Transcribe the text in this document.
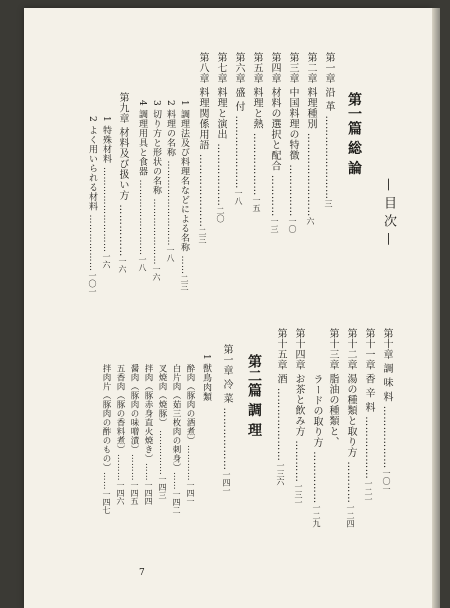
— 目 次 —
第一篇 総 論
第一章 沿 革 ……………………三
第二章 料理種別 ……………………六
第三章 中国料理の特徴 ……………一〇
第四章 材料の選択と配合 …………一三
第五章 料理と熱 ………………一五
第六章 盛 付 …………………一八
第七章 料理と演出 ………………二〇
第八章 料理関係用語 …………………二三
1 調理法及び料理名などによる名称 ……二三
2 料理の名称 ………………………一八
3 切り方と形状の名称 …………………一六
4 調理用具と食器 ……………………一八
第九章 材料及び扱い方 ……………一六
1 特殊材料 ………………………一六
2 よく用いられる材料 ………………一〇一
第十章 調 味 料 ………………一〇一
第十一章 香 辛 料 ………………一二一
第十二章 湯の種類と取り方 …………一二四
第十三章 脂油の種類と、
ラードの取り方 ……………一二九
第十四章 お茶と飲み方 …………一三一
第十五章 酒 …………………一三六
第二篇 調 理
第一章 冷 菜 ………………一四一
1 獣鳥肉類
酔肉（豚肉の酒煮）…………一四一
白片肉（茹三枚肉の刺身）……一四二
叉焼肉（焼豚） ……………一四三
拌肉（豚赤身直火焼き）……一四四
醤肉（豚肉の味噌漬）………一四五
五香肉（豚の香料煮）………一四六
拌肉片（豚肉の酢のもの）……一四七
7
